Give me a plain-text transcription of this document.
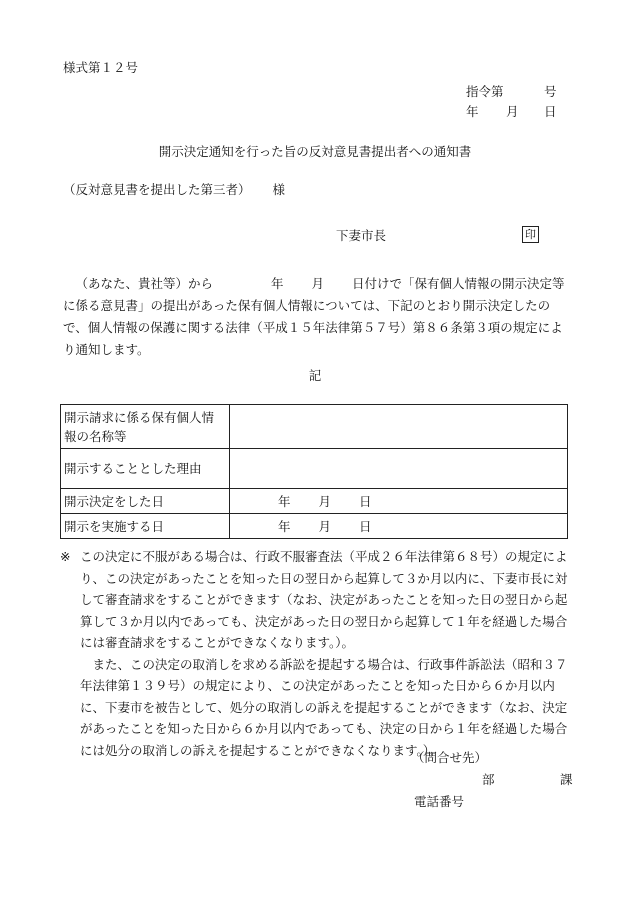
様式第１２号
指令第	号
年 月 日
開示決定通知を行った旨の反対意見書提出者への通知書
（反対意見書を提出した第三者） 様
下妻市長	印
（あなた、貴社等）から	年 月 日付けで「保有個人情報の開示決定等に係る意見書」の提出があった保有個人情報については、下記のとおり開示決定したので、個人情報の保護に関する法律（平成１５年法律第５７号）第８６条第３項の規定により通知します。
記
開示請求に係る保有個人情報の名称等	
開示することとした理由	
開示決定をした日	年 月 日
開示を実施する日	年 月 日

※ この決定に不服がある場合は、行政不服審査法（平成２６年法律第６８号）の規定により、この決定があったことを知った日の翌日から起算して３か月以内に、下妻市長に対して審査請求をすることができます（なお、決定があったことを知った日の翌日から起算して３か月以内であっても、決定があった日の翌日から起算して１年を経過した場合には審査請求をすることができなくなります。）。

また、この決定の取消しを求める訴訟を提起する場合は、行政事件訴訟法（昭和３７年法律第１３９号）の規定により、この決定があったことを知った日から６か月以内に、下妻市を被告として、処分の取消しの訴えを提起することができます（なお、決定があったことを知った日から６か月以内であっても、決定の日から１年を経過した場合には処分の取消しの訴えを提起することができなくなります。）。

（問合せ先）
部	課
電話番号
